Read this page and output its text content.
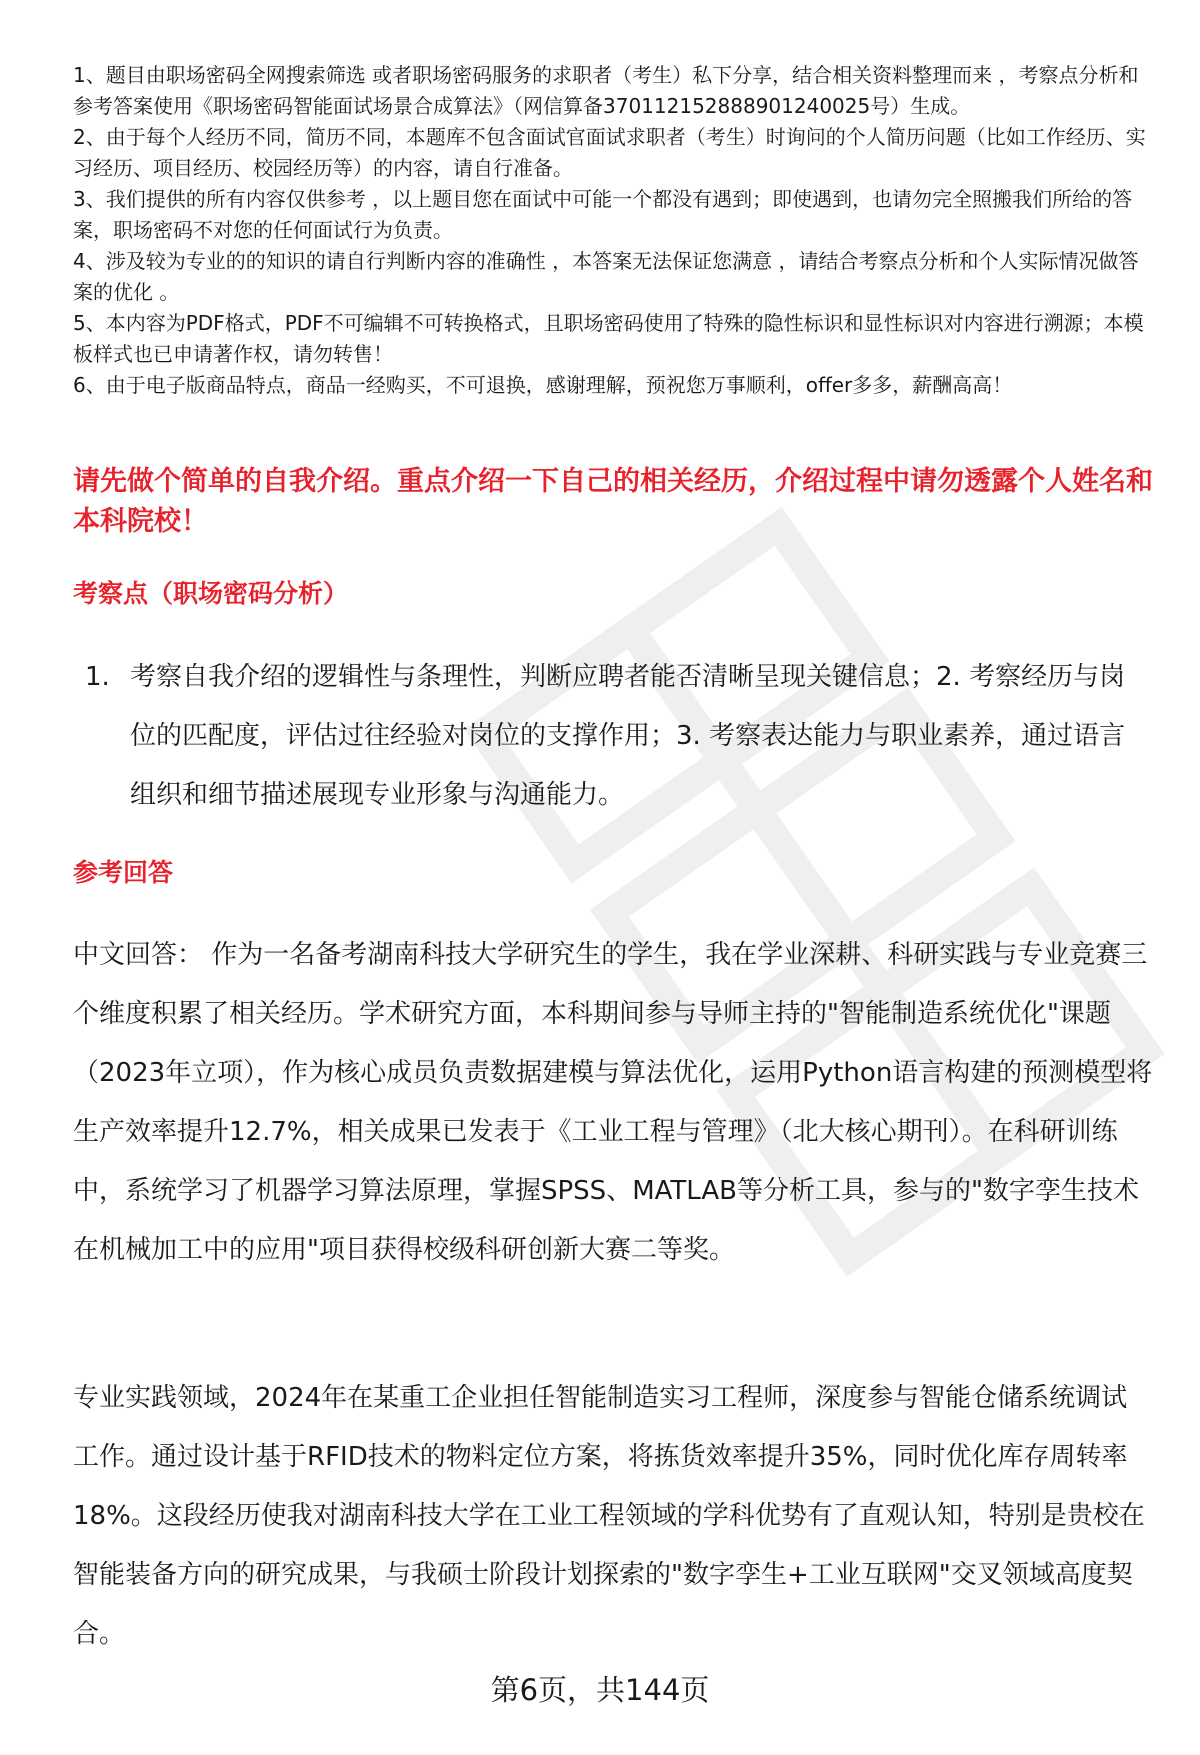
1、题目由职场密码全网搜索筛选 或者职场密码服务的求职者（考生）私下分享，结合相关资料整理而来 ，考察点分析和参考答案使用《职场密码智能面试场景合成算法》（网信算备370112152888901240025号）生成。

2、由于每个人经历不同，简历不同，本题库不包含面试官面试求职者（考生）时询问的个人简历问题（比如工作经历、实习经历、项目经历、校园经历等）的内容，请自行准备。

3、我们提供的所有内容仅供参考 ，以上题目您在面试中可能一个都没有遇到；即使遇到，也请勿完全照搬我们所给的答案，职场密码不对您的任何面试行为负责。

4、涉及较为专业的的知识的请自行判断内容的准确性 ，本答案无法保证您满意 ，请结合考察点分析和个人实际情况做答案的优化 。

5、本内容为PDF格式，PDF不可编辑不可转换格式，且职场密码使用了特殊的隐性标识和显性标识对内容进行溯源；本模板样式也已申请著作权，请勿转售！

6、由于电子版商品特点，商品一经购买，不可退换，感谢理解，预祝您万事顺利，offer多多，薪酬高高！

请先做个简单的自我介绍。重点介绍一下自己的相关经历，介绍过程中请勿透露个人姓名和本科院校！

考察点（职场密码分析）

1. 考察自我介绍的逻辑性与条理性，判断应聘者能否清晰呈现关键信息；2. 考察经历与岗位的匹配度，评估过往经验对岗位的支撑作用；3. 考察表达能力与职业素养，通过语言组织和细节描述展现专业形象与沟通能力。

参考回答

中文回答： 作为一名备考湖南科技大学研究生的学生，我在学业深耕、科研实践与专业竞赛三个维度积累了相关经历。学术研究方面，本科期间参与导师主持的"智能制造系统优化"课题（2023年立项），作为核心成员负责数据建模与算法优化，运用Python语言构建的预测模型将生产效率提升12.7%，相关成果已发表于《工业工程与管理》（北大核心期刊）。在科研训练中，系统学习了机器学习算法原理，掌握SPSS、MATLAB等分析工具，参与的"数字孪生技术在机械加工中的应用"项目获得校级科研创新大赛二等奖。

专业实践领域，2024年在某重工企业担任智能制造实习工程师，深度参与智能仓储系统调试工作。通过设计基于RFID技术的物料定位方案，将拣货效率提升35%，同时优化库存周转率18%。这段经历使我对湖南科技大学在工业工程领域的学科优势有了直观认知，特别是贵校在智能装备方向的研究成果，与我硕士阶段计划探索的"数字孪生+工业互联网"交叉领域高度契合。

第6页，共144页
